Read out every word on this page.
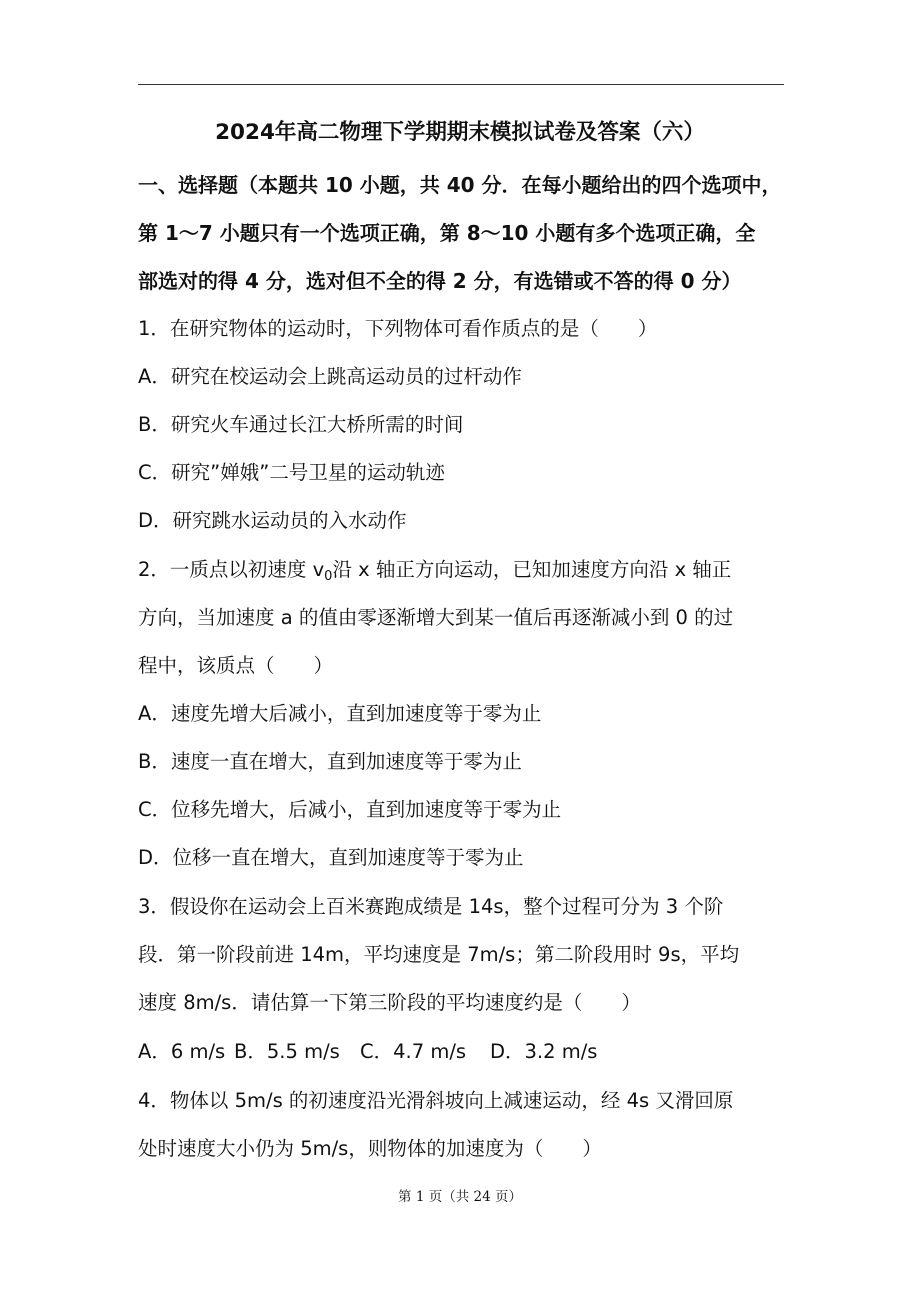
2024年高二物理下学期期末模拟试卷及答案（六）
一、选择题（本题共 10 小题，共 40 分．在每小题给出的四个选项中，
第 1～7 小题只有一个选项正确，第 8～10 小题有多个选项正确，全
部选对的得 4 分，选对但不全的得 2 分，有选错或不答的得 0 分）
1．在研究物体的运动时，下列物体可看作质点的是（　　）
A．研究在校运动会上跳高运动员的过杆动作
B．研究火车通过长江大桥所需的时间
C．研究”婵娥”二号卫星的运动轨迹
D．研究跳水运动员的入水动作
2．一质点以初速度 $v_0$沿 x 轴正方向运动，已知加速度方向沿 x 轴正
方向，当加速度 a 的值由零逐渐增大到某一值后再逐渐减小到 0 的过
程中，该质点（　　）
A．速度先增大后减小，直到加速度等于零为止
B．速度一直在增大，直到加速度等于零为止
C．位移先增大，后减小，直到加速度等于零为止
D．位移一直在增大，直到加速度等于零为止
3．假设你在运动会上百米赛跑成绩是 14s，整个过程可分为 3 个阶
段．第一阶段前进 14m，平均速度是 7m/s；第二阶段用时 9s，平均
速度 8m/s．请估算一下第三阶段的平均速度约是（　　）
A．6 m/s B．5.5 m/s C．4.7 m/s D．3.2 m/s
4．物体以 5m/s 的初速度沿光滑斜坡向上减速运动，经 4s 又滑回原
处时速度大小仍为 5m/s，则物体的加速度为（　　）
第 1 页（共 24 页）
